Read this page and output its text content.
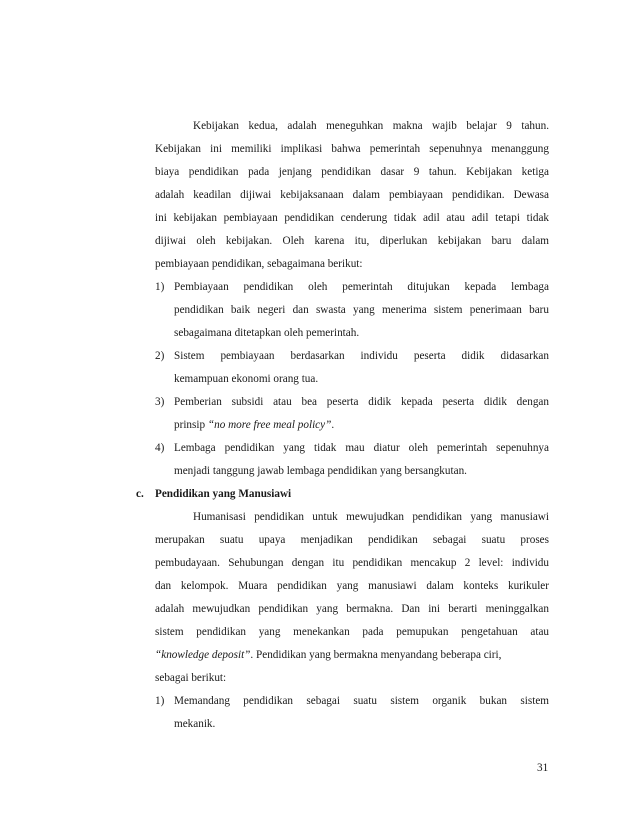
Kebijakan kedua, adalah meneguhkan makna wajib belajar 9 tahun.
Kebijakan ini memiliki implikasi bahwa pemerintah sepenuhnya menanggung
biaya pendidikan pada jenjang pendidikan dasar 9 tahun. Kebijakan ketiga
adalah keadilan dijiwai kebijaksanaan dalam pembiayaan pendidikan. Dewasa
ini kebijakan pembiayaan pendidikan cenderung tidak adil atau adil tetapi tidak
dijiwai oleh kebijakan. Oleh karena itu, diperlukan kebijakan baru dalam
pembiayaan pendidikan, sebagaimana berikut:
1) Pembiayaan pendidikan oleh pemerintah ditujukan kepada lembaga
pendidikan baik negeri dan swasta yang menerima sistem penerimaan baru
sebagaimana ditetapkan oleh pemerintah.
2) Sistem pembiayaan berdasarkan individu peserta didik didasarkan
kemampuan ekonomi orang tua.
3) Pemberian subsidi atau bea peserta didik kepada peserta didik dengan
prinsip “no more free meal policy”.
4) Lembaga pendidikan yang tidak mau diatur oleh pemerintah sepenuhnya
menjadi tanggung jawab lembaga pendidikan yang bersangkutan.
c. Pendidikan yang Manusiawi
Humanisasi pendidikan untuk mewujudkan pendidikan yang manusiawi
merupakan suatu upaya menjadikan pendidikan sebagai suatu proses
pembudayaan. Sehubungan dengan itu pendidikan mencakup 2 level: individu
dan kelompok. Muara pendidikan yang manusiawi dalam konteks kurikuler
adalah mewujudkan pendidikan yang bermakna. Dan ini berarti meninggalkan
sistem pendidikan yang menekankan pada pemupukan pengetahuan atau
“knowledge deposit”. Pendidikan yang bermakna menyandang beberapa ciri,
sebagai berikut:
1) Memandang pendidikan sebagai suatu sistem organik bukan sistem
mekanik.
31
